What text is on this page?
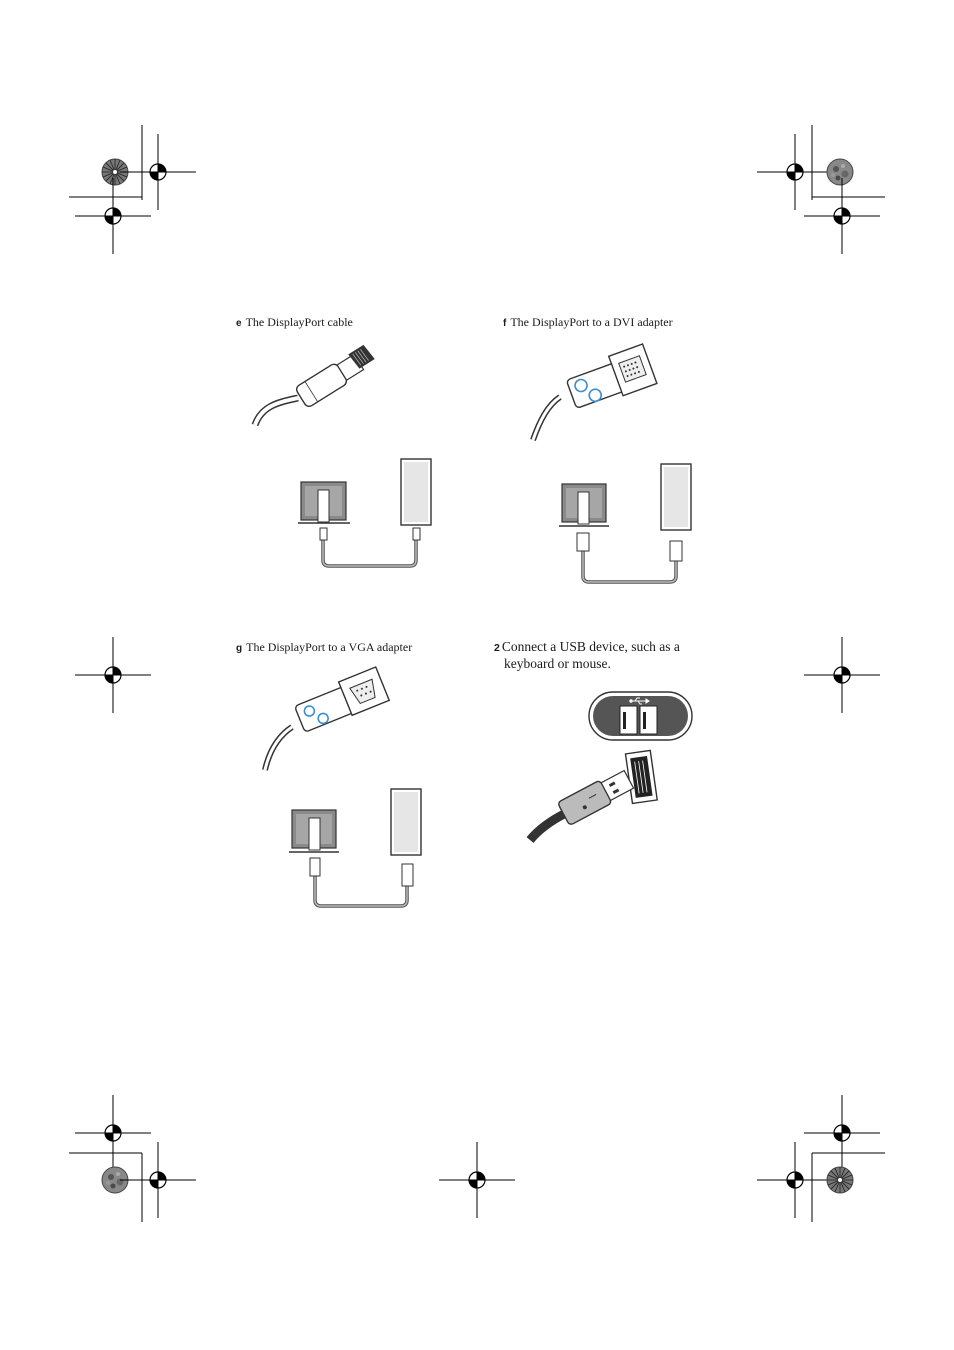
e The DisplayPort cable	f The DisplayPort to a DVI adapter
g The DisplayPort to a VGA adapter	2 Connect a USB device, such as a
keyboard or mouse.
